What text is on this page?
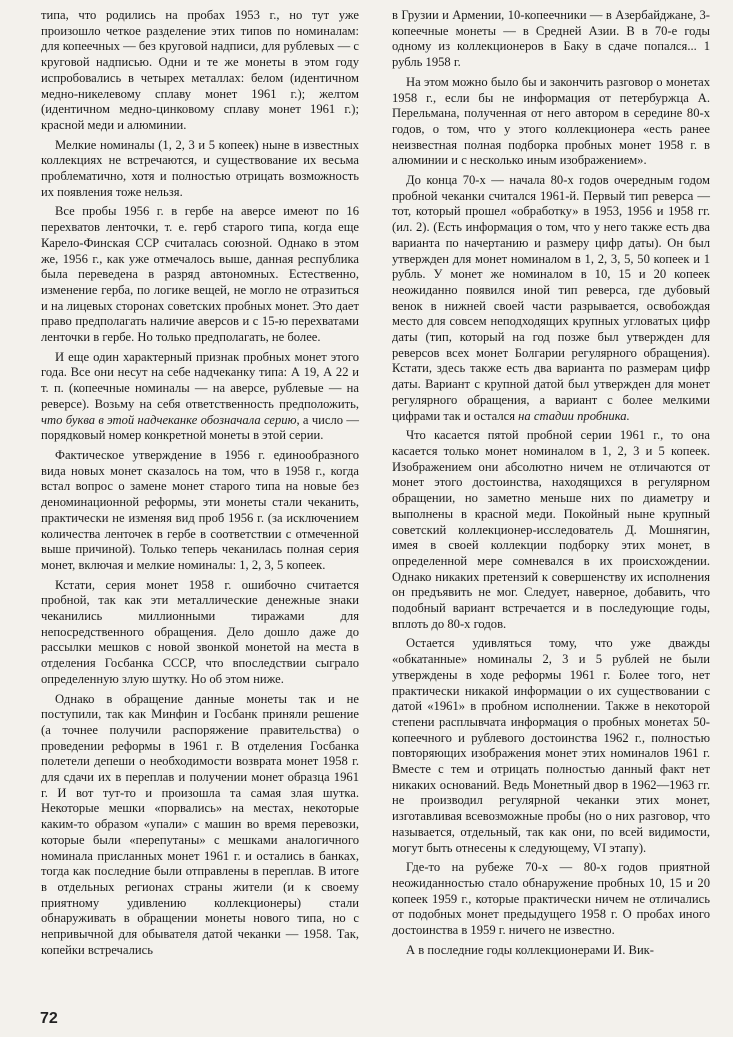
типа, что родились на пробах 1953 г., но тут уже произошло четкое разделение этих типов по номиналам: для копеечных — без круговой надписи, для рублевых — с круговой надписью. Одни и те же монеты в этом году испробовались в четырех металлах: белом (идентичном медно-никелевому сплаву монет 1961 г.); желтом (идентичном медно-цинковому сплаву монет 1961 г.); красной меди и алюминии.

Мелкие номиналы (1, 2, 3 и 5 копеек) ныне в известных коллекциях не встречаются, и существование их весьма проблематично, хотя и полностью отрицать возможность их появления тоже нельзя.

Все пробы 1956 г. в гербе на аверсе имеют по 16 перехватов ленточки, т. е. герб старого типа, когда еще Карело-Финская ССР считалась союзной. Однако в этом же, 1956 г., как уже отмечалось выше, данная республика была переведена в разряд автономных. Естественно, изменение герба, по логике вещей, не могло не отразиться и на лицевых сторонах советских пробных монет. Это дает право предполагать наличие аверсов и с 15-ю перехватами ленточки в гербе. Но только предполагать, не более.

И еще один характерный признак пробных монет этого года. Все они несут на себе надчеканку типа: А 19, А 22 и т. п. (копеечные номиналы — на аверсе, рублевые — на реверсе). Возьму на себя ответственность предположить, что буква в этой надчеканке обозначала серию, а число — порядковый номер конкретной монеты в этой серии.

Фактическое утверждение в 1956 г. единообразного вида новых монет сказалось на том, что в 1958 г., когда встал вопрос о замене монет старого типа на новые без деноминационной реформы, эти монеты стали чеканить, практически не изменяя вид проб 1956 г. (за исключением количества ленточек в гербе в соответствии с отмеченной выше причиной). Только теперь чеканилась полная серия монет, включая и мелкие номиналы: 1, 2, 3, 5 копеек.

Кстати, серия монет 1958 г. ошибочно считается пробной, так как эти металлические денежные знаки чеканились миллионными тиражами для непосредственного обращения. Дело дошло даже до рассылки мешков с новой звонкой монетой на места в отделения Госбанка СССР, что впоследствии сыграло определенную злую шутку. Но об этом ниже.

Однако в обращение данные монеты так и не поступили, так как Минфин и Госбанк приняли решение (а точнее получили распоряжение правительства) о проведении реформы в 1961 г. В отделения Госбанка полетели депеши о необходимости возврата монет 1958 г. для сдачи их в переплав и получении монет образца 1961 г. И вот тут-то и произошла та самая злая шутка. Некоторые мешки «порвались» на местах, некоторые каким-то образом «упали» с машин во время перевозки, которые были «перепутаны» с мешками аналогичного номинала присланных монет 1961 г. и остались в банках, тогда как последние были отправлены в переплав. В итоге в отдельных регионах страны жители (и к своему приятному удивлению коллекционеры) стали обнаруживать в обращении монеты нового типа, но с непривычной для обывателя датой чеканки — 1958. Так, копейки встречались

в Грузии и Армении, 10-копеечники — в Азербайджане, 3-копеечные монеты — в Средней Азии. В в 70-е годы одному из коллекционеров в Баку в сдаче попался... 1 рубль 1958 г.

На этом можно было бы и закончить разговор о монетах 1958 г., если бы не информация от петербуржца А. Перельмана, полученная от него автором в середине 80-х годов, о том, что у этого коллекционера «есть ранее неизвестная полная подборка пробных монет 1958 г. в алюминии и с несколько иным изображением».

До конца 70-х — начала 80-х годов очередным годом пробной чеканки считался 1961-й. Первый тип реверса — тот, который прошел «обработку» в 1953, 1956 и 1958 гг. (ил. 2). (Есть информация о том, что у него также есть два варианта по начертанию и размеру цифр даты). Он был утвержден для монет номиналом в 1, 2, 3, 5, 50 копеек и 1 рубль. У монет же номиналом в 10, 15 и 20 копеек неожиданно появился иной тип реверса, где дубовый венок в нижней своей части разрывается, освобождая место для совсем неподходящих крупных угловатых цифр даты (тип, который на год позже был утвержден для реверсов всех монет Болгарии регулярного обращения). Кстати, здесь также есть два варианта по размерам цифр даты. Вариант с крупной датой был утвержден для монет регулярного обращения, а вариант с более мелкими цифрами так и остался на стадии пробника.

Что касается пятой пробной серии 1961 г., то она касается только монет номиналом в 1, 2, 3 и 5 копеек. Изображением они абсолютно ничем не отличаются от монет этого достоинства, находящихся в регулярном обращении, но заметно меньше них по диаметру и выполнены в красной меди. Покойный ныне крупный советский коллекционер-исследователь Д. Мошнягин, имея в своей коллекции подборку этих монет, в определенной мере сомневался в их происхождении. Однако никаких претензий к совершенству их исполнения он предъявить не мог. Следует, наверное, добавить, что подобный вариант встречается и в последующие годы, вплоть до 80-х годов.

Остается удивляться тому, что уже дважды «обкатанные» номиналы 2, 3 и 5 рублей не были утверждены в ходе реформы 1961 г. Более того, нет практически никакой информации о их существовании с датой «1961» в пробном исполнении. Также в некоторой степени расплывчата информация о пробных монетах 50-копеечного и рублевого достоинства 1962 г., полностью повторяющих изображения монет этих номиналов 1961 г. Вместе с тем и отрицать полностью данный факт нет никаких оснований. Ведь Монетный двор в 1962—1963 гг. не производил регулярной чеканки этих монет, изготавливая всевозможные пробы (но о них разговор, что называется, отдельный, так как они, по всей видимости, могут быть отнесены к следующему, VI этапу).

Где-то на рубеже 70-х — 80-х годов приятной неожиданностью стало обнаружение пробных 10, 15 и 20 копеек 1959 г., которые практически ничем не отличались от подобных монет предыдущего 1958 г. О пробах иного достоинства в 1959 г. ничего не известно.

А в последние годы коллекционерами И. Вик-

72
